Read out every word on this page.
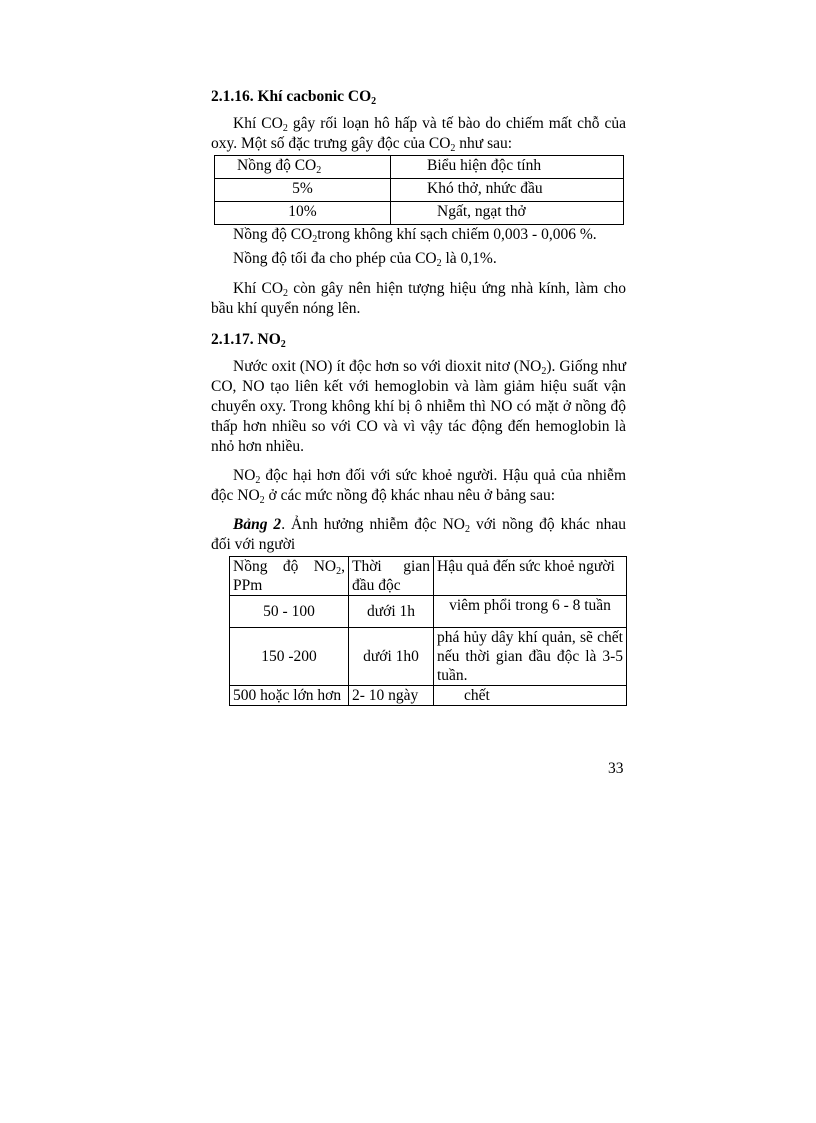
2.1.16. Khí cacbonic $CO_2$

Khí $CO_2$ gây rối loạn hô hấp và tế bào do chiếm mất chỗ của oxy. Một số đặc trưng gây độc của $CO_2$ như sau:

Nồng độ $CO_2$	Biểu hiện độc tính
5%	Khó thở, nhức đầu
10%	Ngất, ngạt thở

Nồng độ $CO_2trong$ không khí sạch chiếm 0,003 - 0,006 %.

Nồng độ tối đa cho phép của $CO_2$ là 0,1%.

Khí $CO_2$ còn gây nên hiện tượng hiệu ứng nhà kính, làm cho bầu khí quyển nóng lên.

2.1.17. $NO_2$

Nước oxit (NO) ít độc hơn so với dioxit nitơ $(NO_2)$. Giống như CO, NO tạo liên kết với hemoglobin và làm giảm hiệu suất vận chuyển oxy. Trong không khí bị ô nhiễm thì NO có mặt ở nồng độ thấp hơn nhiều so với CO và vì vậy tác động đến hemoglobin là nhỏ hơn nhiều.

$NO_2$ độc hại hơn đối với sức khoẻ người. Hậu quả của nhiễm độc $NO_2$ ở các mức nồng độ khác nhau nêu ở bảng sau:

Bảng 2. Ảnh hưởng nhiễm độc $NO_2$ với nồng độ khác nhau đối với người

Nồng độ $NO_2$, PPm	Thời gian đầu độc	Hậu quả đến sức khoẻ người
50 - 100	dưới 1h	viêm phổi trong 6 - 8 tuần
150 -200	dưới 1h0	phá hủy dây khí quản, sẽ chết nếu thời gian đầu độc là 3-5 tuần.
500 hoặc lớn hơn	2- 10 ngày	chết
33
